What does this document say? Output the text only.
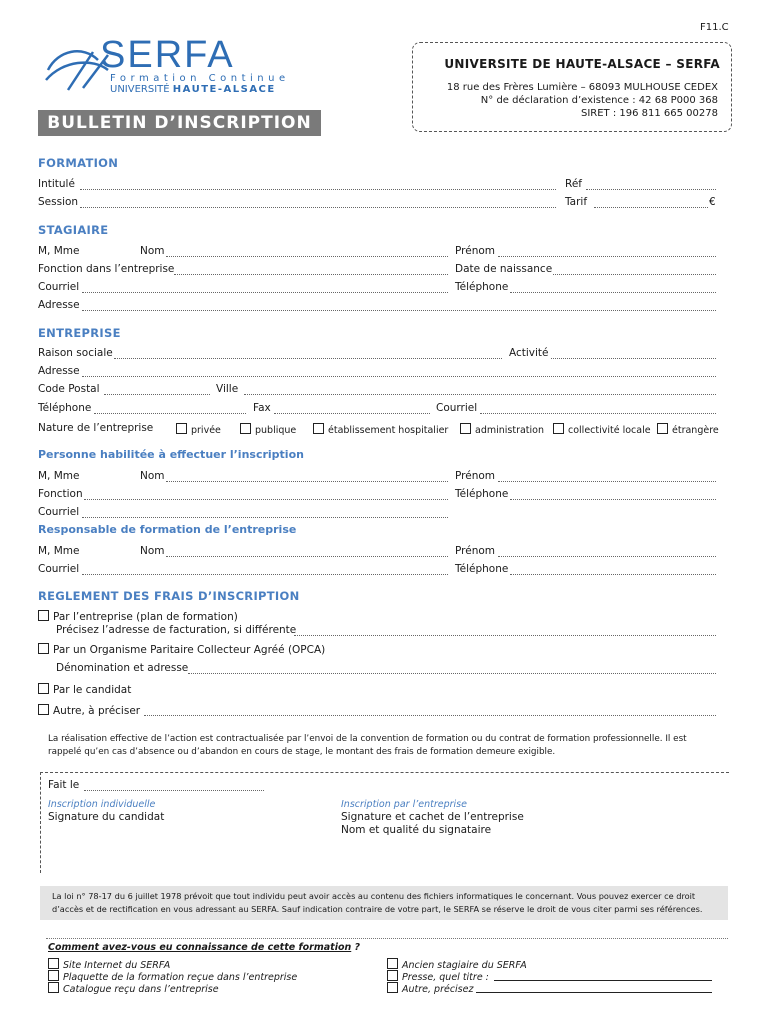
F11.C
SERFA
Formation Continue
UNIVERSITÉ HAUTE-ALSACE
UNIVERSITE DE HAUTE-ALSACE – SERFA
18 rue des Frères Lumière – 68093 MULHOUSE CEDEX
N° de déclaration d’existence : 42 68 P000 368
SIRET : 196 811 665 00278
BULLETIN D’INSCRIPTION
FORMATION
Intitulé	Réf
Session	Tarif	€
STAGIAIRE
M, Mme	Nom	Prénom
Fonction dans l’entreprise	Date de naissance
Courriel	Téléphone
Adresse
ENTREPRISE
Raison sociale	Activité
Adresse
Code Postal	Ville
Téléphone	Fax	Courriel
Nature de l’entreprise	privée	publique	établissement hospitalier	administration	collectivité locale	étrangère
Personne habilitée à effectuer l’inscription
M, Mme	Nom	Prénom
Fonction	Téléphone
Courriel
Responsable de formation de l’entreprise
M, Mme	Nom	Prénom
Courriel	Téléphone
REGLEMENT DES FRAIS D’INSCRIPTION
Par l’entreprise (plan de formation)
Précisez l’adresse de facturation, si différente
Par un Organisme Paritaire Collecteur Agréé (OPCA)
Dénomination et adresse
Par le candidat
Autre, à préciser
La réalisation effective de l’action est contractualisée par l’envoi de la convention de formation ou du contrat de formation professionnelle. Il est rappelé qu’en cas d’absence ou d’abandon en cours de stage, le montant des frais de formation demeure exigible.
Fait le
Inscription individuelle
Signature du candidat
Inscription par l’entreprise
Signature et cachet de l’entreprise
Nom et qualité du signataire
La loi n° 78-17 du 6 juillet 1978 prévoit que tout individu peut avoir accès au contenu des fichiers informatiques le concernant. Vous pouvez exercer ce droit d’accès et de rectification en vous adressant au SERFA. Sauf indication contraire de votre part, le SERFA se réserve le droit de vous citer parmi ses références.
Comment avez-vous eu connaissance de cette formation ?
Site Internet du SERFA
Plaquette de la formation reçue dans l’entreprise
Catalogue reçu dans l’entreprise
Ancien stagiaire du SERFA
Presse, quel titre :
Autre, précisez
